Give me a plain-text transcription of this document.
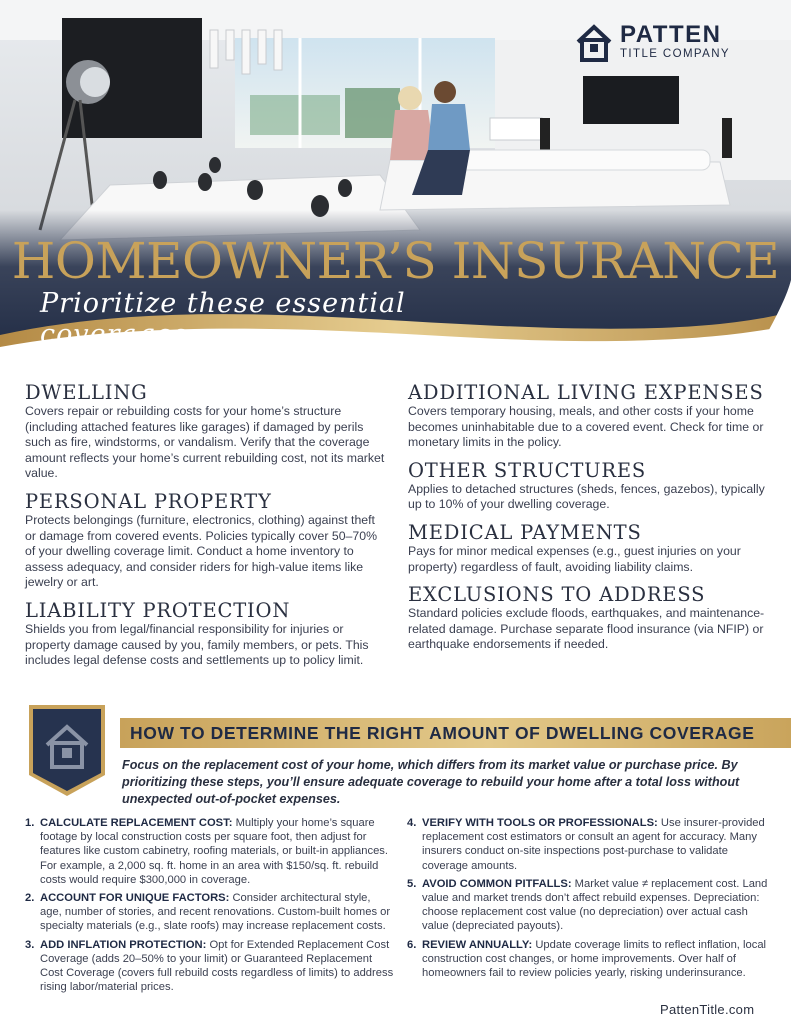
PATTEN
TITLE COMPANY
HOMEOWNER’S INSURANCE
Prioritize these essential coverages
DWELLING

Covers repair or rebuilding costs for your home’s structure (including attached features like garages) if damaged by perils such as fire, windstorms, or vandalism. Verify that the coverage amount reflects your home’s current rebuilding cost, not its market value.

PERSONAL PROPERTY

Protects belongings (furniture, electronics, clothing) against theft or damage from covered events. Policies typically cover 50–70% of your dwelling coverage limit. Conduct a home inventory to assess adequacy, and consider riders for high-value items like jewelry or art.

LIABILITY PROTECTION

Shields you from legal/financial responsibility for injuries or property damage caused by you, family members, or pets. This includes legal defense costs and settlements up to policy limit.

ADDITIONAL LIVING EXPENSES

Covers temporary housing, meals, and other costs if your home becomes uninhabitable due to a covered event. Check for time or monetary limits in the policy.

OTHER STRUCTURES

Applies to detached structures (sheds, fences, gazebos), typically up to 10% of your dwelling coverage.

MEDICAL PAYMENTS

Pays for minor medical expenses (e.g., guest injuries on your property) regardless of fault, avoiding liability claims.

EXCLUSIONS TO ADDRESS

Standard policies exclude floods, earthquakes, and maintenance-related damage. Purchase separate flood insurance (via NFIP) or earthquake endorsements if needed.

HOW TO DETERMINE THE RIGHT AMOUNT OF DWELLING COVERAGE
Focus on the replacement cost of your home, which differs from its market value or purchase price. By prioritizing these steps, you’ll ensure adequate coverage to rebuild your home after a total loss without unexpected out-of-pocket expenses.
1. CALCULATE REPLACEMENT COST: Multiply your home’s square footage by local construction costs per square foot, then adjust for features like custom cabinetry, roofing materials, or built-in appliances. For example, a 2,000 sq. ft. home in an area with $150/sq. ft. rebuild costs would require $300,000 in coverage.
2. ACCOUNT FOR UNIQUE FACTORS: Consider architectural style, age, number of stories, and recent renovations. Custom-built homes or specialty materials (e.g., slate roofs) may increase replacement costs.
3. ADD INFLATION PROTECTION: Opt for Extended Replacement Cost Coverage (adds 20–50% to your limit) or Guaranteed Replacement Cost Coverage (covers full rebuild costs regardless of limits) to address rising labor/material prices.
4. VERIFY WITH TOOLS OR PROFESSIONALS: Use insurer-provided replacement cost estimators or consult an agent for accuracy. Many insurers conduct on-site inspections post-purchase to validate coverage amounts.
5. AVOID COMMON PITFALLS: Market value ≠ replacement cost. Land value and market trends don’t affect rebuild expenses. Depreciation: choose replacement cost value (no depreciation) over actual cash value (depreciated payouts).
6. REVIEW ANNUALLY: Update coverage limits to reflect inflation, local construction cost changes, or home improvements. Over half of homeowners fail to review policies yearly, risking underinsurance.
PattenTitle.com
